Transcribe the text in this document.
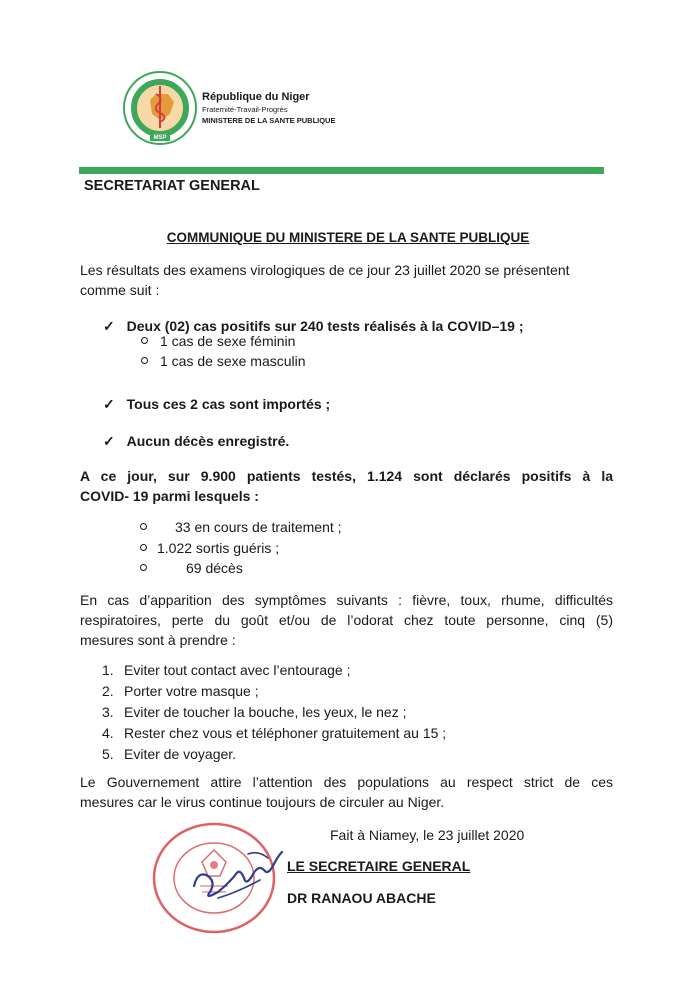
MSP
République du Niger
Fraternité-Travail-Progrès
MINISTERE DE LA SANTE PUBLIQUE
SECRETARIAT GENERAL
COMMUNIQUE DU MINISTERE DE LA SANTE PUBLIQUE
Les résultats des examens virologiques de ce jour 23 juillet 2020 se présentent
comme suit :
✓ Deux (02) cas positifs sur 240 tests réalisés à la COVID–19 ;
1 cas de sexe féminin
1 cas de sexe masculin
✓ Tous ces 2 cas sont importés ;
✓ Aucun décès enregistré.
A ce jour, sur 9.900 patients testés, 1.124 sont déclarés positifs à la
COVID- 19 parmi lesquels :
33 en cours de traitement ;
1.022 sortis guéris ;
69 décès
En cas d’apparition des symptômes suivants : fièvre, toux, rhume, difficultés
respiratoires, perte du goût et/ou de l’odorat chez toute personne, cinq (5)
mesures sont à prendre :
1. Eviter tout contact avec l’entourage ;
2. Porter votre masque ;
3. Eviter de toucher la bouche, les yeux, le nez ;
4. Rester chez vous et téléphoner gratuitement au 15 ;
5. Eviter de voyager.
Le Gouvernement attire l’attention des populations au respect strict de ces
mesures car le virus continue toujours de circuler au Niger.
Fait à Niamey, le 23 juillet 2020
LE SECRETAIRE GENERAL
DR RANAOU ABACHE
